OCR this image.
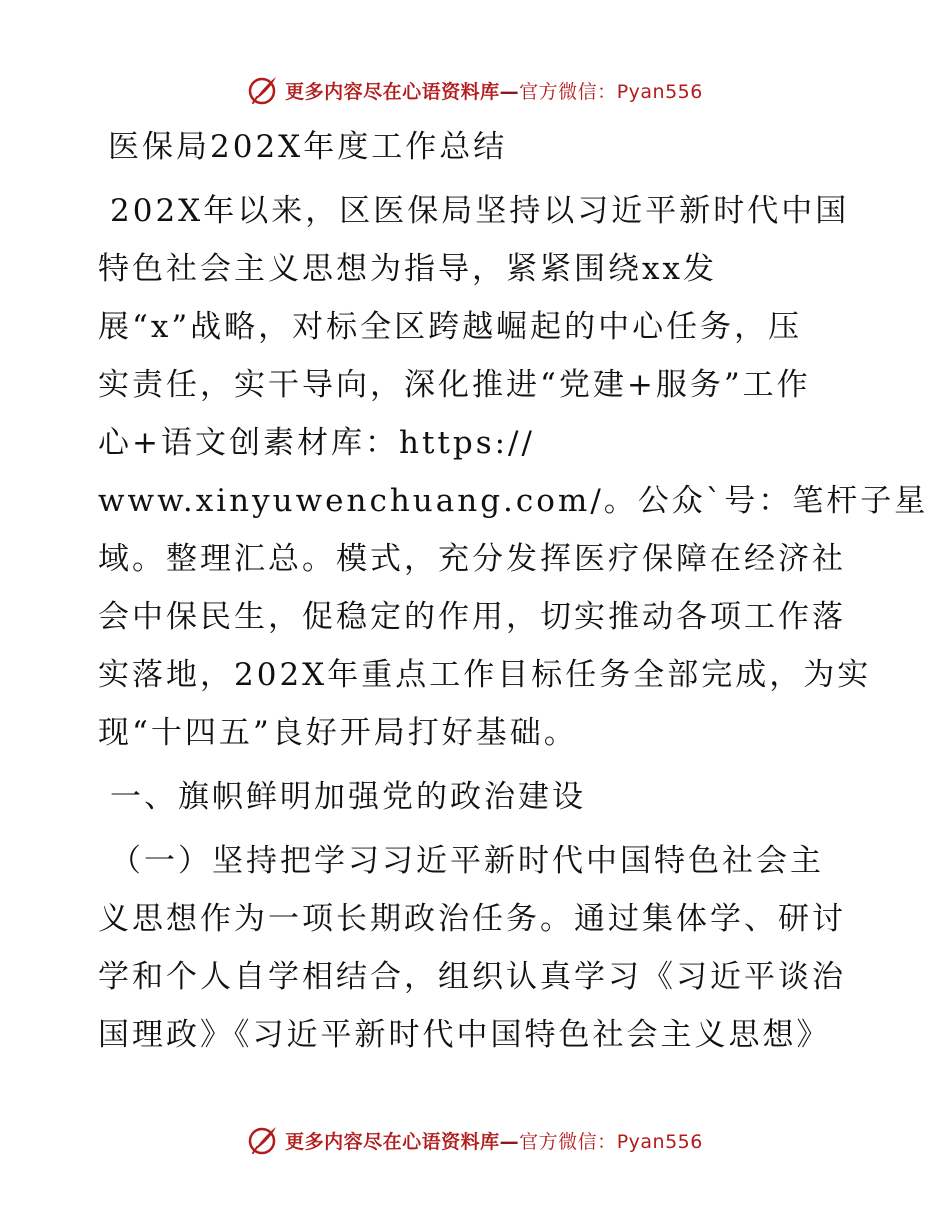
更多内容尽在心语资料库—官方微信：Pyan556
医保局202X年度工作总结
202X年以来，区医保局坚持以习近平新时代中国
特色社会主义思想为指导，紧紧围绕xx发
展“x”战略，对标全区跨越崛起的中心任务，压
实责任，实干导向，深化推进“党建+服务”工作
心+语文创素材库：https://
www.xinyuwenchuang.com/。公众`号：笔杆子星
域。整理汇总。模式，充分发挥医疗保障在经济社
会中保民生，促稳定的作用，切实推动各项工作落
实落地，202X年重点工作目标任务全部完成，为实
现“十四五”良好开局打好基础。
一、旗帜鲜明加强党的政治建设
（一）坚持把学习习近平新时代中国特色社会主
义思想作为一项长期政治任务。通过集体学、研讨
学和个人自学相结合，组织认真学习《习近平谈治
国理政》《习近平新时代中国特色社会主义思想》
更多内容尽在心语资料库—官方微信：Pyan556
